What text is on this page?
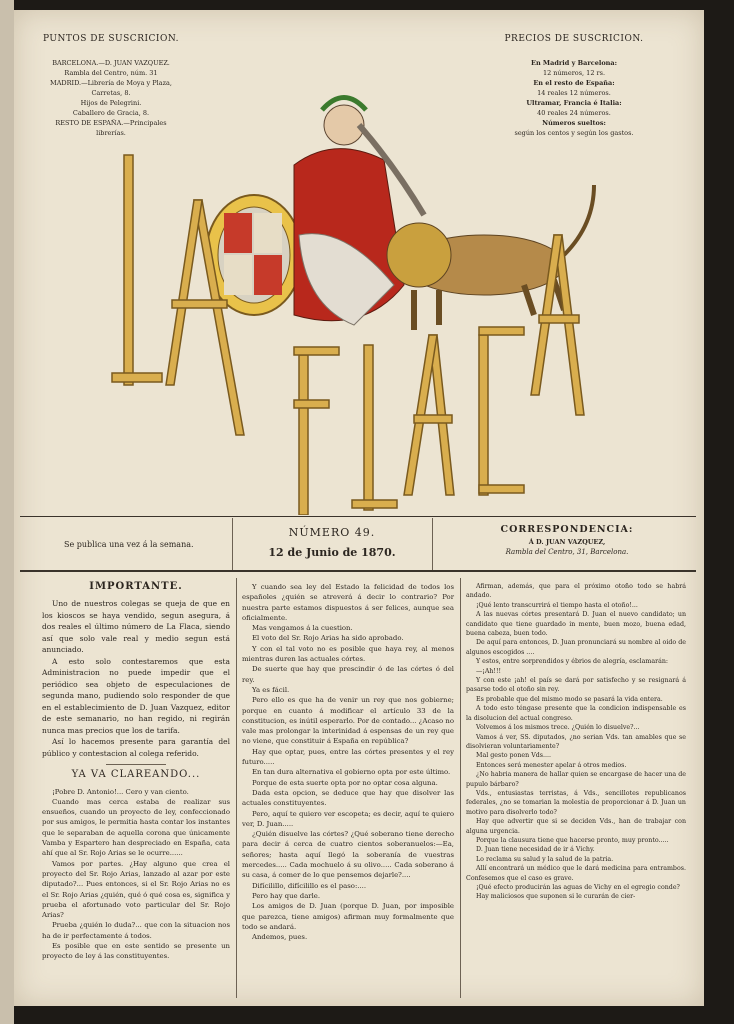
PUNTOS DE SUSCRICION.
BARCELONA.—D. JUAN VAZQUEZ.
Rambla del Centro, núm. 31
MADRID.—Librería de Moya y Plaza,
Carretas, 8.
Hijos de Pelegrini.
Caballero de Gracia, 8.
RESTO DE ESPAÑA.—Principales
librerías.
PRECIOS DE SUSCRICION.
En Madrid y Barcelona:
12 números, 12 rs.
En el resto de España:
14 reales 12 números.
Ultramar, Francia é Italia:
40 reales 24 números.
Números sueltos:
según los centos y según los gastos.
Se publica una vez á la semana.
NÚMERO 49.
12 de Junio de 1870.
CORRESPONDENCIA:
Á D. JUAN VAZQUEZ,
Rambla del Centro, 31, Barcelona.
IMPORTANTE.

Uno de nuestros colegas se queja de que en los kioscos se haya vendido, segun asegura, á dos reales el último número de La Flaca, siendo así que solo vale real y medio segun está anunciado.

A esto solo contestaremos que esta Administracion no puede impedir que el periódico sea objeto de especulaciones de segunda mano, pudiendo solo responder de que en el establecimiento de D. Juan Vazquez, editor de este semanario, no han regido, ni regirán nunca mas precios que los de tarifa.

Así lo hacemos presente para garantía del público y contestacion al colega referido.

YA VA CLAREANDO...

¡Pobre D. Antonio!... Cero y van ciento.

Cuando mas cerca estaba de realizar sus ensueños, cuando un proyecto de ley, confeccionado por sus amigos, le permitia hasta contar los instantes que le separaban de aquella corona que únicamente Vamba y Espartero han despreciado en España, cata ahí que al Sr. Rojo Arias se le ocurre......

Vamos por partes. ¿Hay alguno que crea el proyecto del Sr. Rojo Arias, lanzado al azar por este diputado?... Pues entonces, si el Sr. Rojo Arias no es el Sr. Rojo Arias ¿quién, qué ó qué cosa es, significa y prueba el afortunado voto particular del Sr. Rojo Arias?

Prueba ¿quién lo duda?... que con la situacion nos ha de ir perfectamente á todos.

Es posible que en este sentido se presente un proyecto de ley á las constituyentes.

Y cuando sea ley del Estado la felicidad de todos los españoles ¿quién se atreverá á decir lo contrario? Por nuestra parte estamos dispuestos á ser felices, aunque sea oficialmente.

Mas vengamos á la cuestion.

El voto del Sr. Rojo Arias ha sido aprobado.

Y con el tal voto no es posible que haya rey, al menos mientras duren las actuales córtes.

De suerte que hay que prescindir ó de las córtes ó del rey.

Ya es fácil.

Pero ello es que ha de venir un rey que nos gobierne; porque en cuanto á modificar el artículo 33 de la constitucion, es inútil esperarlo. Por de contado... ¿Acaso no vale mas prolongar la interinidad á espensas de un rey que no viene, que constituir á España en república?

Hay que optar, pues, entre las córtes presentes y el rey futuro.....

En tan dura alternativa el gobierno opta por este último.

Porque de esta suerte opta por no optar cosa alguna.

Dada esta opcion, se deduce que hay que disolver las actuales constituyentes.

Pero, aquí te quiero ver escopeta; es decir, aquí te quiero ver, D. Juan.....

¿Quién disuelve las córtes? ¿Qué soberano tiene derecho para decir á cerca de cuatro cientos soberanuelos:—Ea, señores; hasta aquí llegó la soberanía de vuestras mercedes..... Cada mochuelo á su olivo..... Cada soberano á su casa, á comer de lo que pensemos dejarle?....

Difícilillo, difícilillo es el paso:....

Pero hay que darle.

Los amigos de D. Juan (porque D. Juan, por imposible que parezca, tiene amigos) afirman muy formalmente que todo se andará.

Andemos, pues.

Afirman, además, que para el próximo otoño todo se habrá andado.

¡Qué lento transcurrirá el tiempo hasta el otoño!...

A las nuevas córtes presentará D. Juan el nuevo candidato; un candidato que tiene guardado in mente, buen mozo, buena edad, buena cabeza, buen todo.

De aquí para entonces, D. Juan pronunciará su nombre al oido de algunos escogidos ....

Y estos, entre sorprendidos y ébrios de alegría, esclamarán:

—¡Ah!!!

Y con este ¡ah! el país se dará por satisfecho y se resignará á pasarse todo el otoño sin rey.

Es probable que del mismo modo se pasará la vida entera.

A todo esto téngase presente que la condicion indispensable es la disolucion del actual congreso.

Volvemos á los mismos trece. ¿Quién lo disuelve?...

Vamos á ver, SS. diputados, ¿no serian Vds. tan amables que se disolvieran voluntariamente?

Mal gesto ponen Vds....

Entonces será menester apelar á otros medios.

¿No habria manera de hallar quien se encargase de hacer una de pupulo bárbaro?

Vds., entusiastas terristas, á Vds., sencillotes republicanos federales, ¿no se tomarian la molestia de proporcionar á D. Juan un motivo para disolverlo todo?

Hay que advertir que si se deciden Vds., han de trabajar con alguna urgencia.

Porque la clausura tiene que hacerse pronto, muy pronto.....

D. Juan tiene necesidad de ir á Vichy.

Lo reclama su salud y la salud de la patria.

Allí encontrará un médico que le dará medicina para entrambos. Confesemos que el caso es grave.

¡Qué efecto producirán las aguas de Vichy en el egregio conde?

Hay maliciosos que suponen si le curarán de cier-
